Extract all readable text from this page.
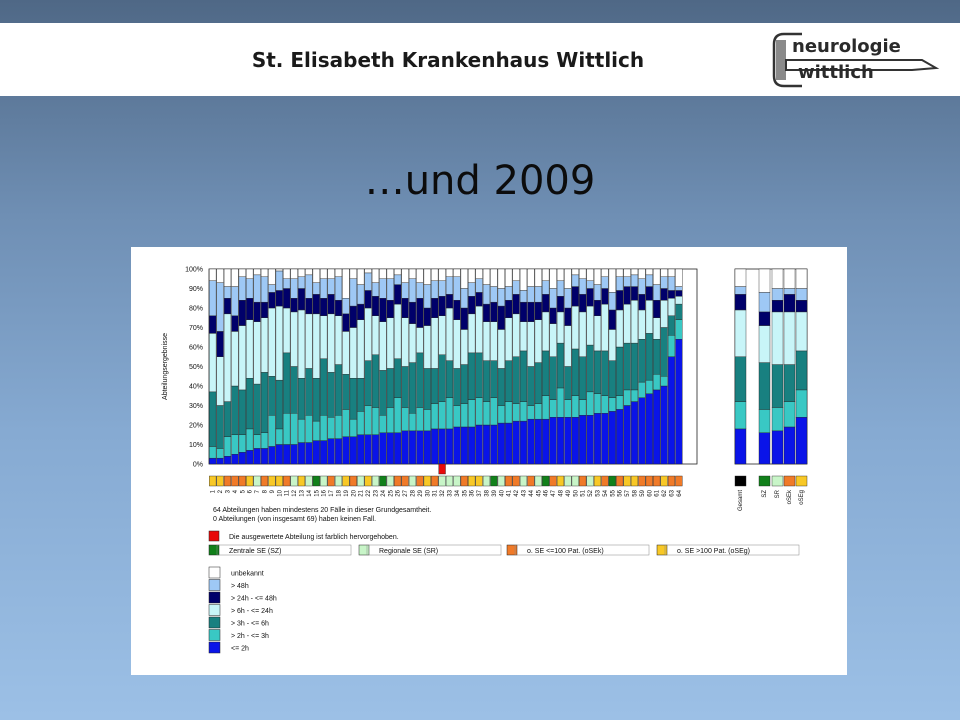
St. Elisabeth Krankenhaus Wittlich
neurologie
wittlich
…und 2009
0%
10%
20%
30%
40%
50%
60%
70%
80%
90%
100%
Abteilungsergebnisse
1 2 3 4 5 6 7 8 9 10 11 12 13 14 15 16 17 18 19 20 21 22 23 24 25 26 27 28 29 30 31 32 33 34 35 36 37 38 39 40 41 42 43 44 45 46 47 48 49 50 51 52 53 54 55 56 57 58 59 60 61 62 63 64	Gesamt	SZ SR oSEk oSEg
64 Abteilungen haben mindestens 20 Fälle in dieser Grundgesamtheit.
0 Abteilungen (von insgesamt 69) haben keinen Fall.
Die ausgewertete Abteilung ist farblich hervorgehoben.
Zentrale SE (SZ)	Regionale SE (SR)	o. SE <=100 Pat. (oSEk)	o. SE >100 Pat. (oSEg)
unbekannt
> 48h
> 24h - <= 48h
> 6h - <= 24h
> 3h - <= 6h
> 2h - <= 3h
<= 2h
